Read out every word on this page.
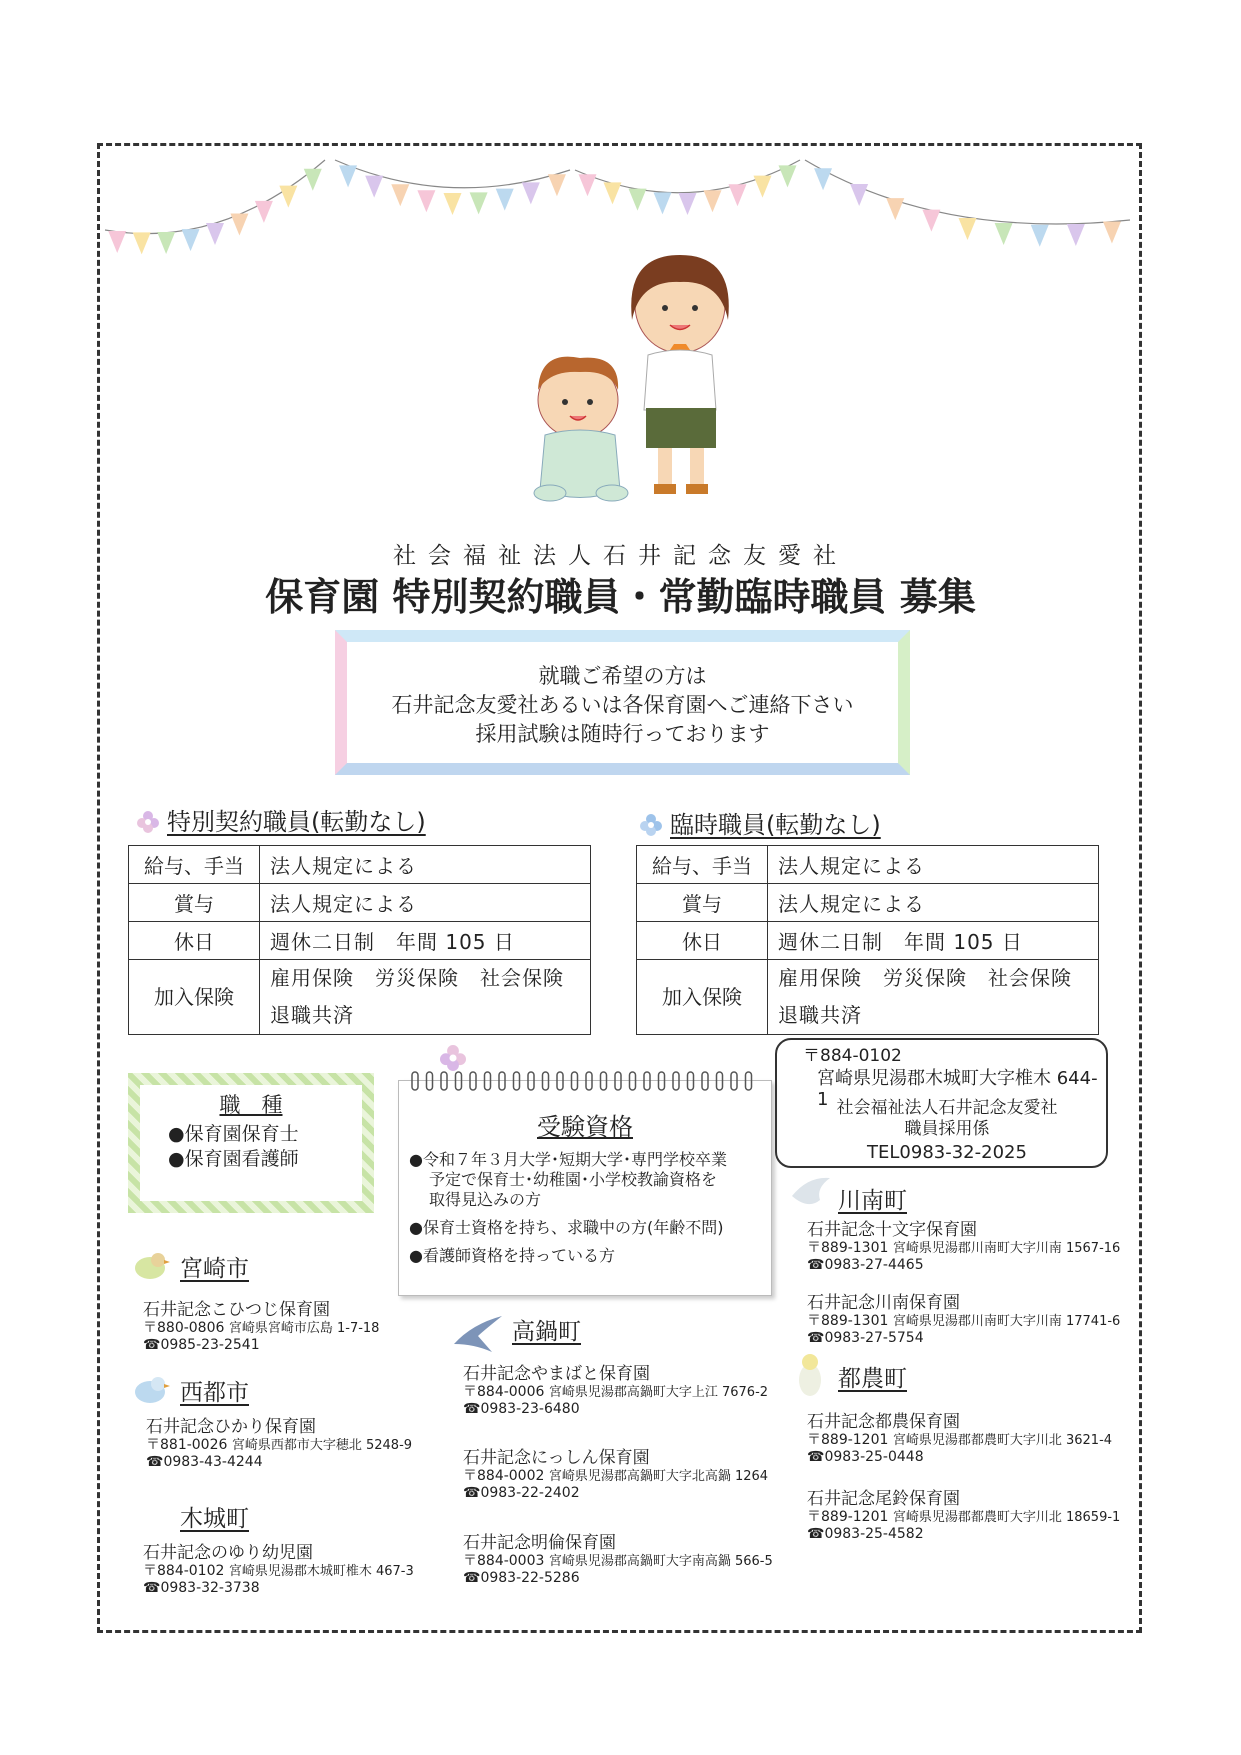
社会福祉法人石井記念友愛社
保育園 特別契約職員・常勤臨時職員 募集
就職ご希望の方は
石井記念友愛社あるいは各保育園へご連絡下さい
採用試験は随時行っております
特別契約職員(転勤なし)
給与、手当	法人規定による
賞与	法人規定による
休日	週休二日制　年間 105 日
加入保険	雇用保険　労災保険　社会保険
退職共済
臨時職員(転勤なし)
給与、手当	法人規定による
賞与	法人規定による
休日	週休二日制　年間 105 日
加入保険	雇用保険　労災保険　社会保険
退職共済
職　種
●保育園保育士
●保育園看護師
受験資格
●令和７年３月大学･短期大学･専門学校卒業
予定で保育士･幼稚園･小学校教諭資格を
取得見込みの方
●保育士資格を持ち、求職中の方(年齢不問)
●看護師資格を持っている方
〒884-0102
宮崎県児湯郡木城町大字椎木 644-1 社会福祉法人石井記念友愛社
職員採用係
TEL0983-32-2025
宮崎市
西都市
木城町
高鍋町
川南町
都農町
石井記念こひつじ保育園
〒880-0806 宮崎県宮崎市広島 1-7-18
☎0985-23-2541
石井記念ひかり保育園
〒881-0026 宮崎県西都市大字穂北 5248-9
☎0983-43-4244
石井記念のゆり幼児園
〒884-0102 宮崎県児湯郡木城町椎木 467-3
☎0983-32-3738
石井記念やまばと保育園
〒884-0006 宮崎県児湯郡高鍋町大字上江 7676-2
☎0983-23-6480
石井記念にっしん保育園
〒884-0002 宮崎県児湯郡高鍋町大字北高鍋 1264
☎0983-22-2402
石井記念明倫保育園
〒884-0003 宮崎県児湯郡高鍋町大字南高鍋 566-5
☎0983-22-5286
石井記念十文字保育園
〒889-1301 宮崎県児湯郡川南町大字川南 1567-16
☎0983-27-4465
石井記念川南保育園
〒889-1301 宮崎県児湯郡川南町大字川南 17741-6
☎0983-27-5754
石井記念都農保育園
〒889-1201 宮崎県児湯郡都農町大字川北 3621-4
☎0983-25-0448
石井記念尾鈴保育園
〒889-1201 宮崎県児湯郡都農町大字川北 18659-1
☎0983-25-4582
